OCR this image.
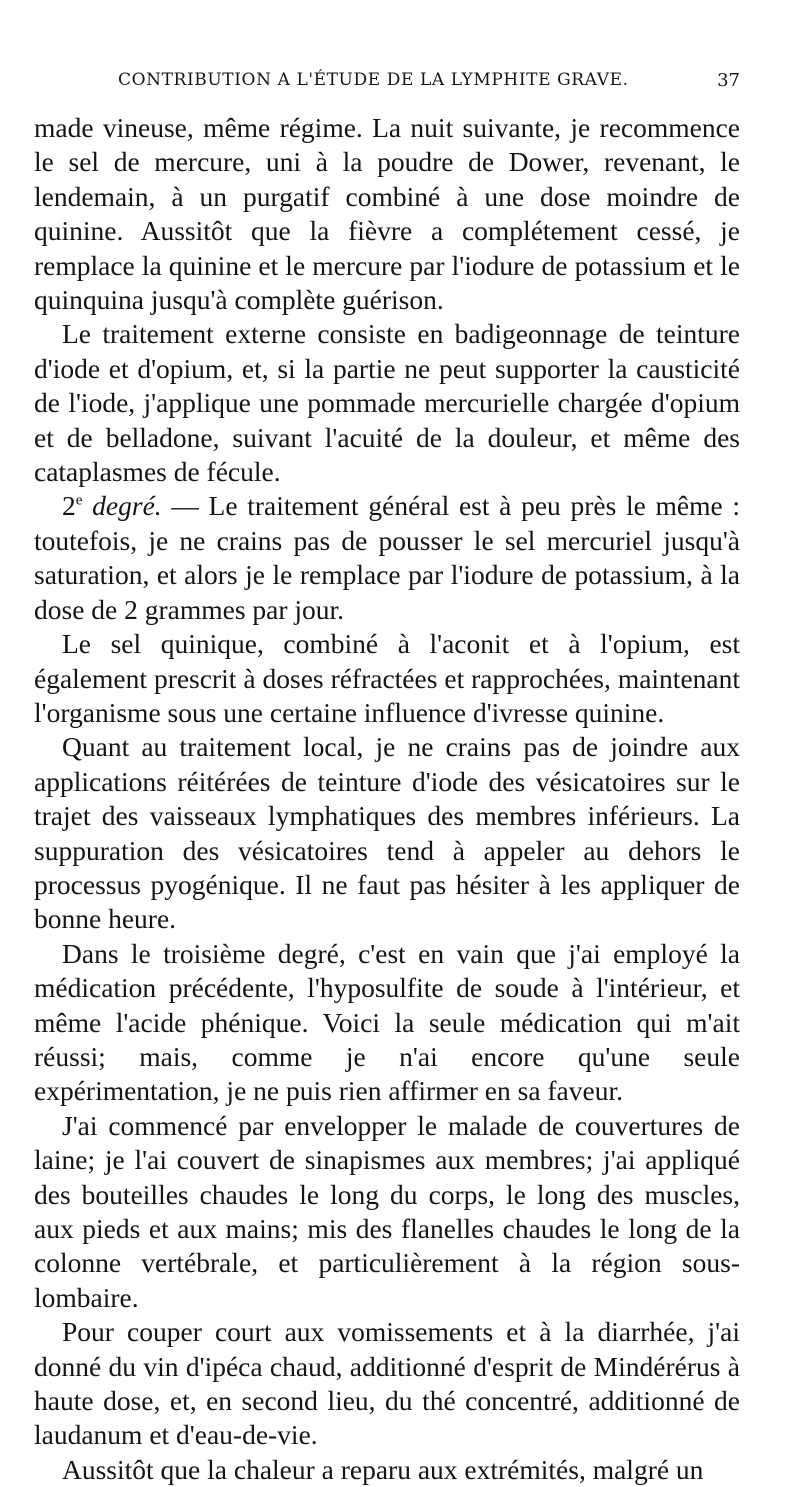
CONTRIBUTION A L'ÉTUDE DE LA LYMPHITE GRAVE.	37

made vineuse, même régime. La nuit suivante, je recommence le sel de mercure, uni à la poudre de Dower, revenant, le lendemain, à un purgatif combiné à une dose moindre de quinine. Aussitôt que la fièvre a complétement cessé, je remplace la quinine et le mercure par l'iodure de potassium et le quinquina jusqu'à complète guérison.

Le traitement externe consiste en badigeonnage de teinture d'iode et d'opium, et, si la partie ne peut supporter la causticité de l'iode, j'applique une pommade mercurielle chargée d'opium et de belladone, suivant l'acuité de la douleur, et même des cataplasmes de fécule.

2e degré. — Le traitement général est à peu près le même : toutefois, je ne crains pas de pousser le sel mercuriel jusqu'à saturation, et alors je le remplace par l'iodure de potassium, à la dose de 2 grammes par jour.

Le sel quinique, combiné à l'aconit et à l'opium, est également prescrit à doses réfractées et rapprochées, maintenant l'organisme sous une certaine influence d'ivresse quinine.

Quant au traitement local, je ne crains pas de joindre aux applications réitérées de teinture d'iode des vésicatoires sur le trajet des vaisseaux lymphatiques des membres inférieurs. La suppuration des vésicatoires tend à appeler au dehors le processus pyogénique. Il ne faut pas hésiter à les appliquer de bonne heure.

Dans le troisième degré, c'est en vain que j'ai employé la médication précédente, l'hyposulfite de soude à l'intérieur, et même l'acide phénique. Voici la seule médication qui m'ait réussi; mais, comme je n'ai encore qu'une seule expérimentation, je ne puis rien affirmer en sa faveur.

J'ai commencé par envelopper le malade de couvertures de laine; je l'ai couvert de sinapismes aux membres; j'ai appliqué des bouteilles chaudes le long du corps, le long des muscles, aux pieds et aux mains; mis des flanelles chaudes le long de la colonne vertébrale, et particulièrement à la région sous-lombaire.

Pour couper court aux vomissements et à la diarrhée, j'ai donné du vin d'ipéca chaud, additionné d'esprit de Mindérérus à haute dose, et, en second lieu, du thé concentré, additionné de laudanum et d'eau-de-vie.

Aussitôt que la chaleur a reparu aux extrémités, malgré un
